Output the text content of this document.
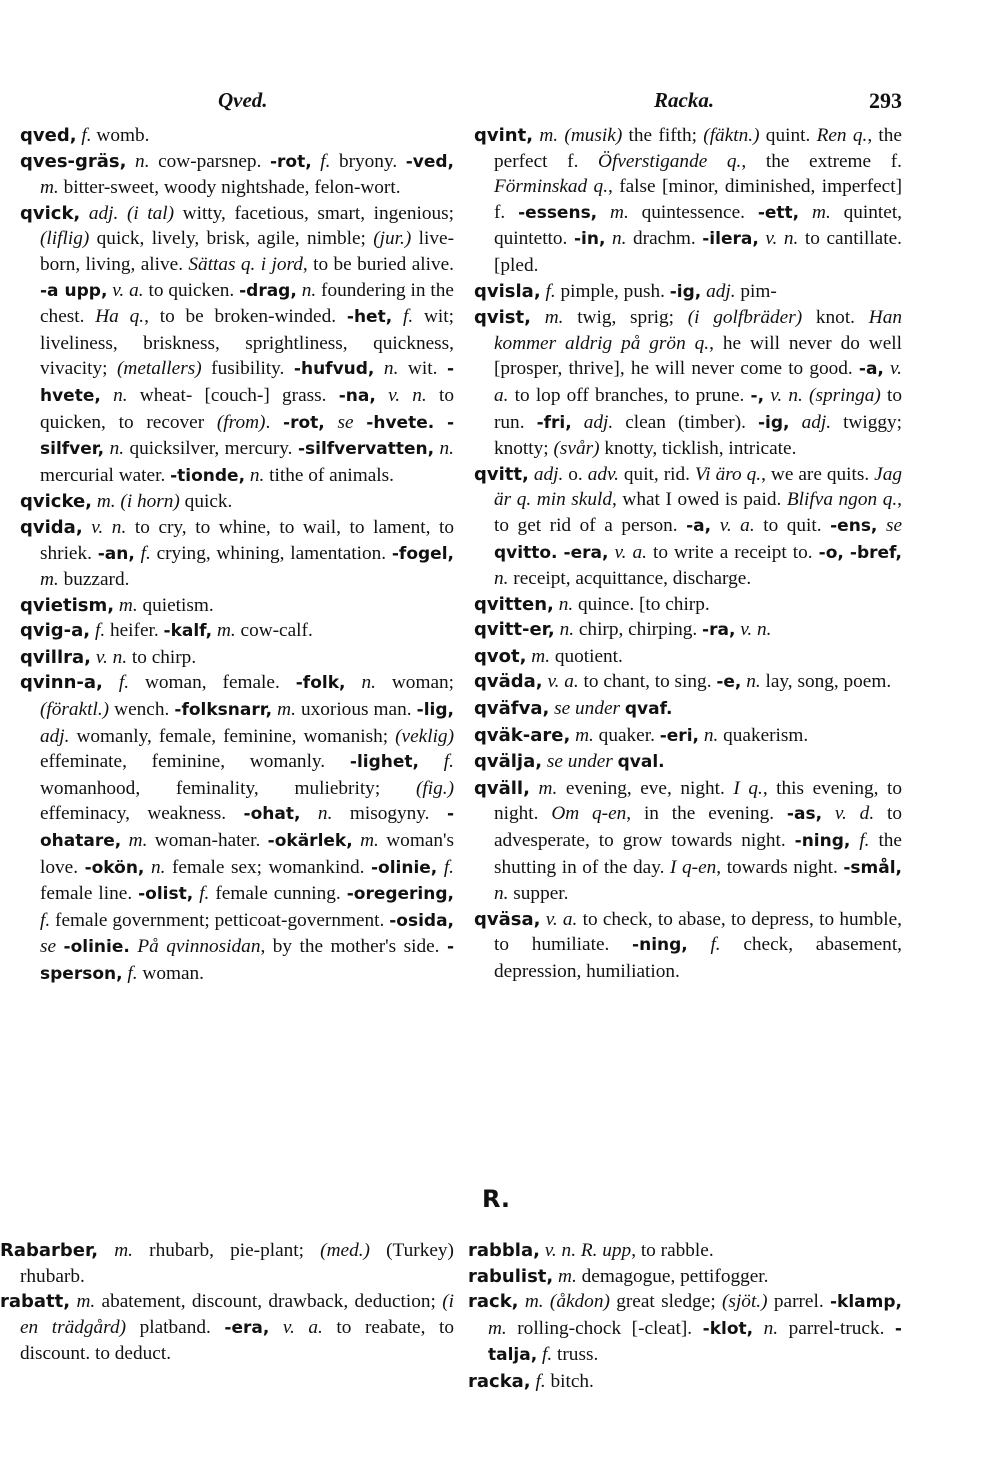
Qved.	Racka.	293

qved, f. womb.

qves-gräs, n. cow-parsnep. -rot, f. bryony. -ved, m. bitter-sweet, woody nightshade, felon-wort.

qvick, adj. (i tal) witty, facetious, smart, ingenious; (liflig) quick, lively, brisk, agile, nimble; (jur.) live-born, living, alive. Sättas q. i jord, to be buried alive. -a upp, v. a. to quicken. -drag, n. foundering in the chest. Ha q., to be broken-winded. -het, f. wit; liveliness, briskness, sprightliness, quickness, vivacity; (metallers) fusibility. -hufvud, n. wit. -hvete, n. wheat- [couch-] grass. -na, v. n. to quicken, to recover (from). -rot, se -hvete. -silfver, n. quicksilver, mercury. -silfvervatten, n. mercurial water. -tionde, n. tithe of animals.

qvicke, m. (i horn) quick.

qvida, v. n. to cry, to whine, to wail, to lament, to shriek. -an, f. crying, whining, lamentation. -fogel, m. buzzard.

qvietism, m. quietism.

qvig-a, f. heifer. -kalf, m. cow-calf.

qvillra, v. n. to chirp.

qvinn-a, f. woman, female. -folk, n. woman; (föraktl.) wench. -folksnarr, m. uxorious man. -lig, adj. womanly, female, feminine, womanish; (veklig) effeminate, feminine, womanly. -lighet, f. womanhood, feminality, muliebrity; (fig.) effeminacy, weakness. -ohat, n. misogyny. -ohatare, m. woman-hater. -okärlek, m. woman's love. -okön, n. female sex; womankind. -olinie, f. female line. -olist, f. female cunning. -oregering, f. female government; petticoat-government. -osida, se -olinie. På qvinnosidan, by the mother's side. -sperson, f. woman.

qvint, m. (musik) the fifth; (fäktn.) quint. Ren q., the perfect f. Öfverstigande q., the extreme f. Förminskad q., false [minor, diminished, imperfect] f. -essens, m. quintessence. -ett, m. quintet, quintetto. -in, n. drachm. -ilera, v. n. to cantillate. [pled.

qvisla, f. pimple, push. -ig, adj. pim-

qvist, m. twig, sprig; (i golfbräder) knot. Han kommer aldrig på grön q., he will never do well [prosper, thrive], he will never come to good. -a, v. a. to lop off branches, to prune. -, v. n. (springa) to run. -fri, adj. clean (timber). -ig, adj. twiggy; knotty; (svår) knotty, ticklish, intricate.

qvitt, adj. o. adv. quit, rid. Vi äro q., we are quits. Jag är q. min skuld, what I owed is paid. Blifva ngon q., to get rid of a person. -a, v. a. to quit. -ens, se qvitto. -era, v. a. to write a receipt to. -o, -bref, n. receipt, acquittance, discharge.

qvitten, n. quince. [to chirp.

qvitt-er, n. chirp, chirping. -ra, v. n.

qvot, m. quotient.

qväda, v. a. to chant, to sing. -e, n. lay, song, poem.

qväfva, se under qvaf.

qväk-are, m. quaker. -eri, n. quakerism.

qvälja, se under qval.

qväll, m. evening, eve, night. I q., this evening, to night. Om q-en, in the evening. -as, v. d. to advesperate, to grow towards night. -ning, f. the shutting in of the day. I q-en, towards night. -smål, n. supper.

qväsa, v. a. to check, to abase, to depress, to humble, to humiliate. -ning, f. check, abasement, depression, humiliation.

R.

Rabarber, m. rhubarb, pie-plant; (med.) (Turkey) rhubarb.

rabatt, m. abatement, discount, drawback, deduction; (i en trädgård) platband. -era, v. a. to reabate, to discount. to deduct.

rabbla, v. n. R. upp, to rabble.

rabulist, m. demagogue, pettifogger.

rack, m. (åkdon) great sledge; (sjöt.) parrel. -klamp, m. rolling-chock [-cleat]. -klot, n. parrel-truck. -talja, f. truss.

racka, f. bitch.
